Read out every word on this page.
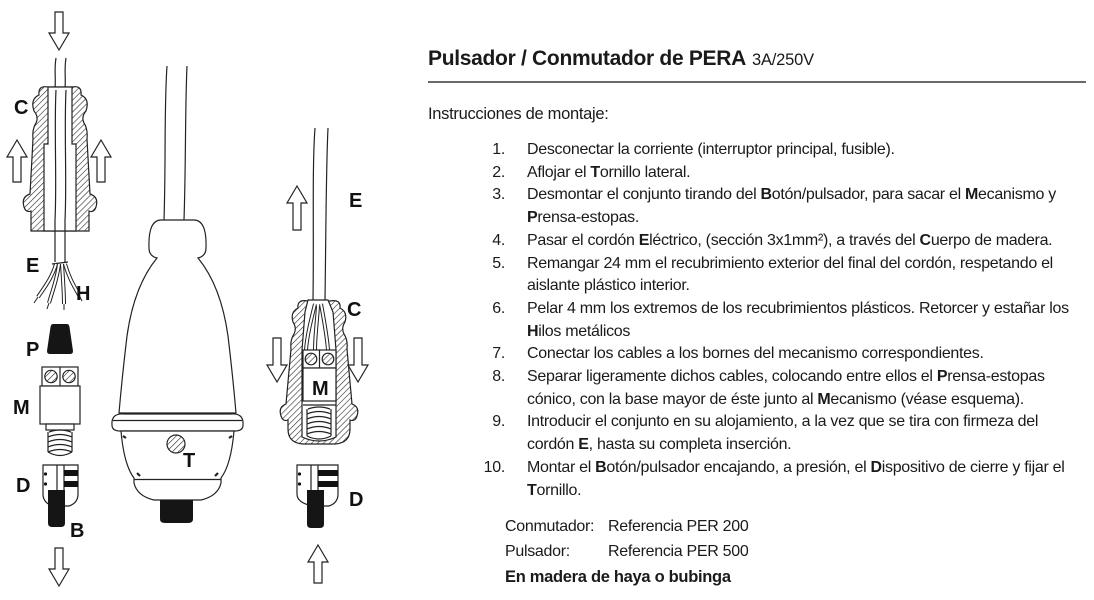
C
E
H
P
M
D
B
T
E
C
M
D
Pulsador / Conmutador de PERA 3A/250V
Instrucciones de montaje:
1.	Desconectar la corriente (interruptor principal, fusible).
2.	Aflojar el Tornillo lateral.
3.	Desmontar el conjunto tirando del Botón/pulsador, para sacar el Mecanismo y Prensa-estopas.
4.	Pasar el cordón Eléctrico, (sección 3x1mm²), a través del Cuerpo de madera.
5.	Remangar 24 mm el recubrimiento exterior del final del cordón, respetando el aislante plástico interior.
6.	Pelar 4 mm los extremos de los recubrimientos plásticos. Retorcer y estañar los Hilos metálicos
7.	Conectar los cables a los bornes del mecanismo correspondientes.
8.	Separar ligeramente dichos cables, colocando entre ellos el Prensa-estopas cónico, con la base mayor de éste junto al Mecanismo (véase esquema).
9.	Introducir el conjunto en su alojamiento, a la vez que se tira con firmeza del cordón E, hasta su completa inserción.
10.	Montar el Botón/pulsador encajando, a presión, el Dispositivo de cierre y fijar el Tornillo.
Conmutador: Referencia PER 200
Pulsador:	Referencia PER 500
En madera de haya o bubinga
